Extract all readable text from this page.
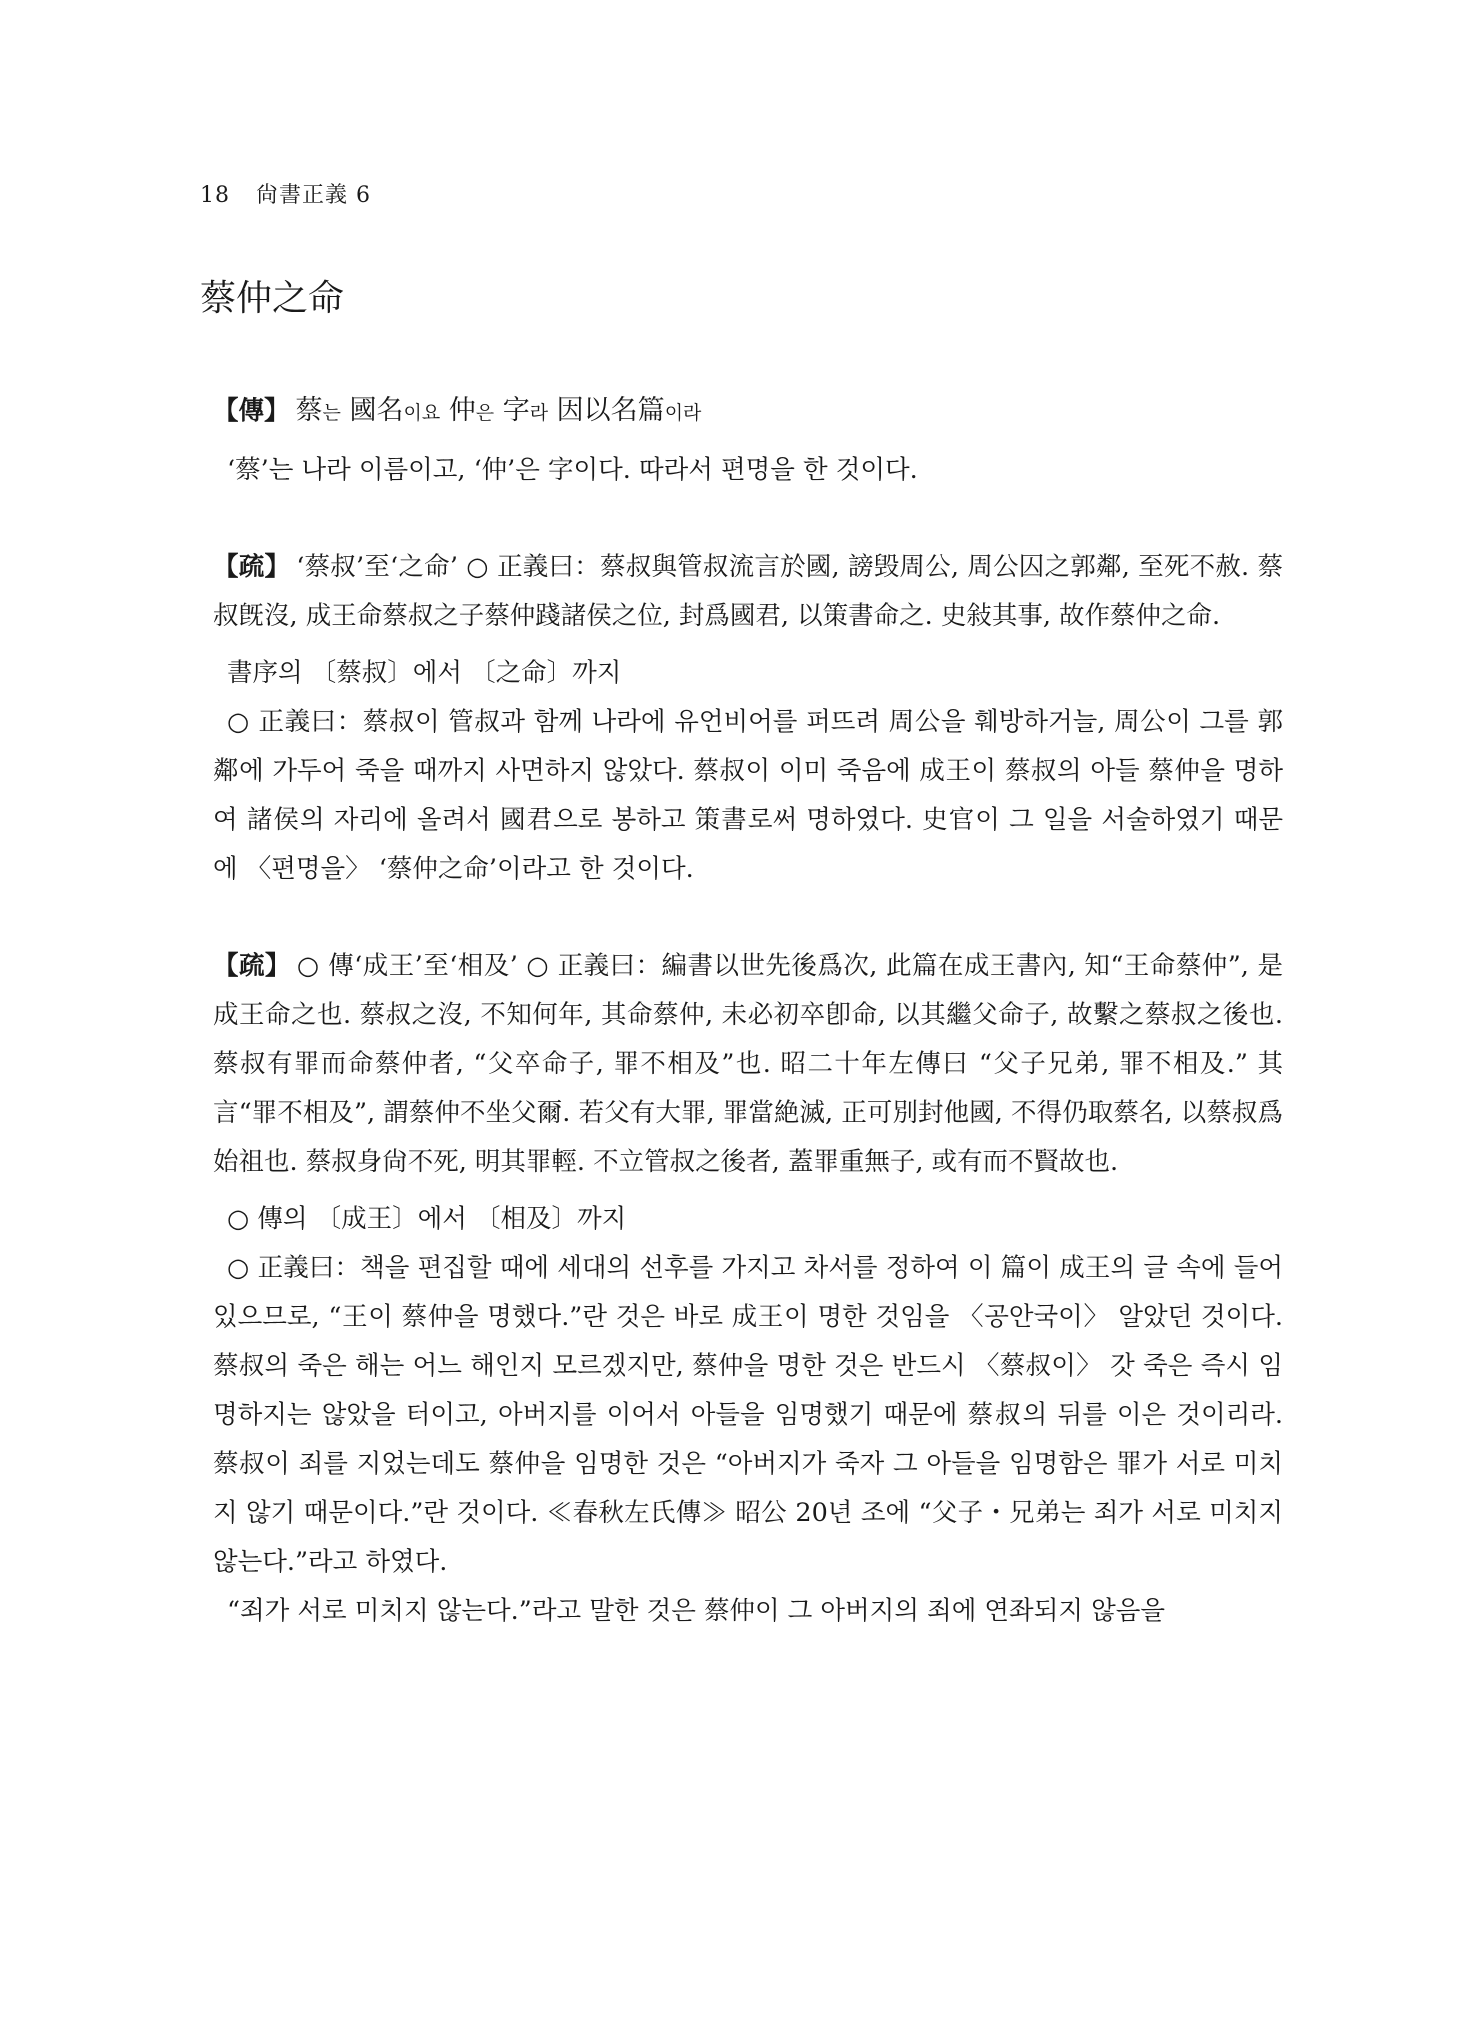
18 尙書正義 6
蔡仲之命

【傳】 蔡는 國名이요 仲은 字라 因以名篇이라

‘蔡’는 나라 이름이고, ‘仲’은 字이다. 따라서 편명을 한 것이다.

【疏】 ‘蔡叔’至‘之命’ ○ 正義曰：蔡叔與管叔流言於國, 謗毁周公, 周公囚之郭鄰, 至死不赦. 蔡叔旣沒, 成王命蔡叔之子蔡仲踐諸侯之位, 封爲國君, 以策書命之. 史敍其事, 故作蔡仲之命.

書序의 〔蔡叔〕에서 〔之命〕까지

○ 正義曰：蔡叔이 管叔과 함께 나라에 유언비어를 퍼뜨려 周公을 훼방하거늘, 周公이 그를 郭鄰에 가두어 죽을 때까지 사면하지 않았다. 蔡叔이 이미 죽음에 成王이 蔡叔의 아들 蔡仲을 명하여 諸侯의 자리에 올려서 國君으로 봉하고 策書로써 명하였다. 史官이 그 일을 서술하였기 때문에 〈편명을〉 ‘蔡仲之命’이라고 한 것이다.

【疏】 ○ 傳‘成王’至‘相及’ ○ 正義曰：編書以世先後爲次, 此篇在成王書內, 知“王命蔡仲”, 是成王命之也. 蔡叔之沒, 不知何年, 其命蔡仲, 未必初卒卽命, 以其繼父命子, 故繫之蔡叔之後也. 蔡叔有罪而命蔡仲者, “父卒命子, 罪不相及”也. 昭二十年左傳曰 “父子兄弟, 罪不相及.” 其言“罪不相及”, 謂蔡仲不坐父爾. 若父有大罪, 罪當絶滅, 正可別封他國, 不得仍取蔡名, 以蔡叔爲始祖也. 蔡叔身尙不死, 明其罪輕. 不立管叔之後者, 蓋罪重無子, 或有而不賢故也.

○ 傳의 〔成王〕에서 〔相及〕까지

○ 正義曰：책을 편집할 때에 세대의 선후를 가지고 차서를 정하여 이 篇이 成王의 글 속에 들어있으므로, “王이 蔡仲을 명했다.”란 것은 바로 成王이 명한 것임을 〈공안국이〉 알았던 것이다. 蔡叔의 죽은 해는 어느 해인지 모르겠지만, 蔡仲을 명한 것은 반드시 〈蔡叔이〉 갓 죽은 즉시 임명하지는 않았을 터이고, 아버지를 이어서 아들을 임명했기 때문에 蔡叔의 뒤를 이은 것이리라. 蔡叔이 죄를 지었는데도 蔡仲을 임명한 것은 “아버지가 죽자 그 아들을 임명함은 罪가 서로 미치지 않기 때문이다.”란 것이다. ≪春秋左氏傳≫ 昭公 20년 조에 “父子・兄弟는 죄가 서로 미치지 않는다.”라고 하였다.

“죄가 서로 미치지 않는다.”라고 말한 것은 蔡仲이 그 아버지의 죄에 연좌되지 않음을
